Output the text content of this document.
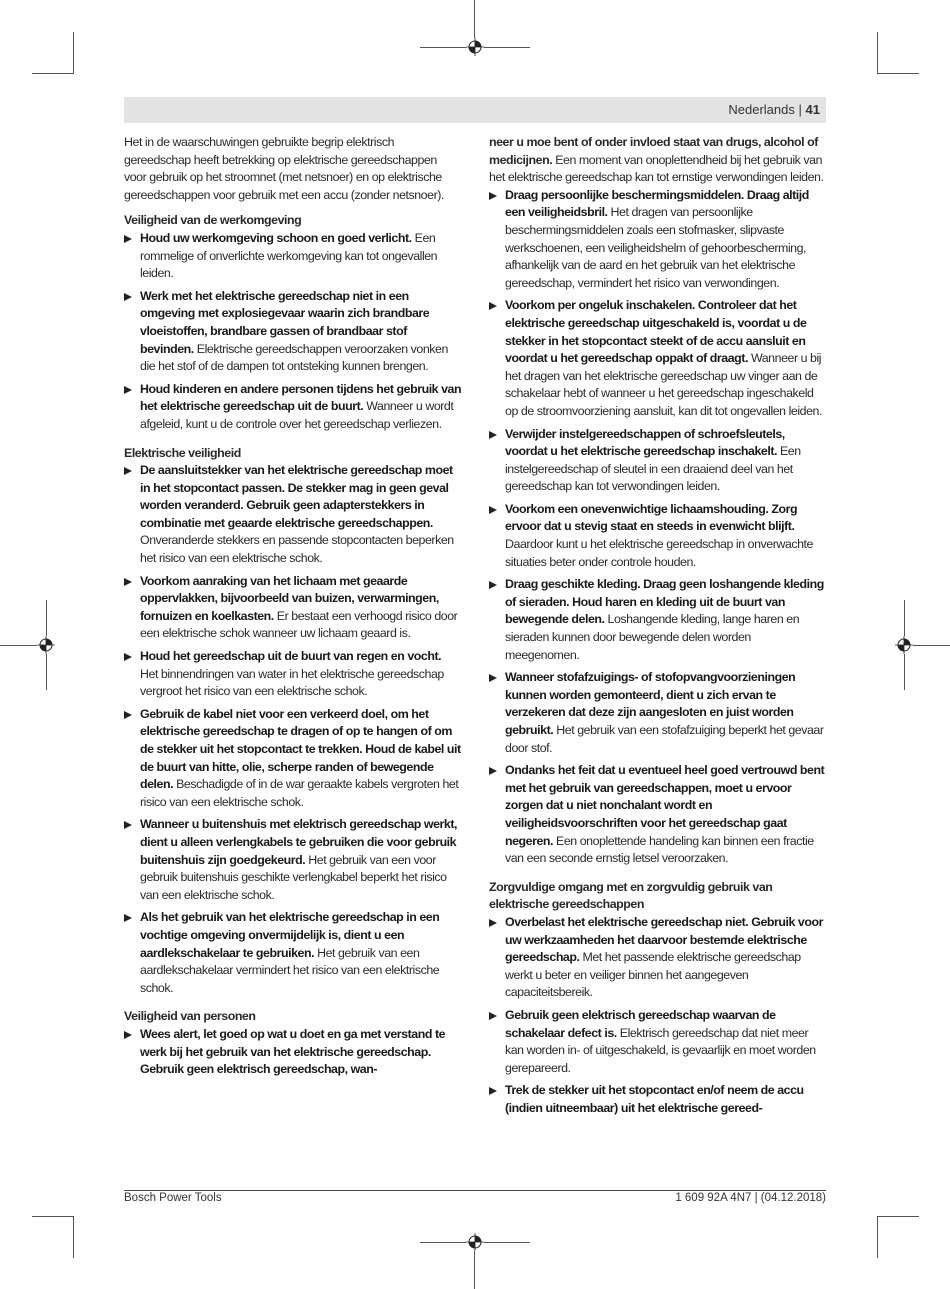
Nederlands | 41

Het in de waarschuwingen gebruikte begrip elektrisch gereedschap heeft betrekking op elektrische gereedschappen voor gebruik op het stroomnet (met netsnoer) en op elektrische gereedschappen voor gebruik met een accu (zonder netsnoer).

Veiligheid van de werkomgeving

Houd uw werkomgeving schoon en goed verlicht. Een rommelige of onverlichte werkomgeving kan tot ongevallen leiden.
Werk met het elektrische gereedschap niet in een omgeving met explosiegevaar waarin zich brandbare vloeistoffen, brandbare gassen of brandbaar stof bevinden. Elektrische gereedschappen veroorzaken vonken die het stof of de dampen tot ontsteking kunnen brengen.
Houd kinderen en andere personen tijdens het gebruik van het elektrische gereedschap uit de buurt. Wanneer u wordt afgeleid, kunt u de controle over het gereedschap verliezen.

Elektrische veiligheid

De aansluitstekker van het elektrische gereedschap moet in het stopcontact passen. De stekker mag in geen geval worden veranderd. Gebruik geen adapterstekkers in combinatie met geaarde elektrische gereedschappen. Onveranderde stekkers en passende stopcontacten beperken het risico van een elektrische schok.
Voorkom aanraking van het lichaam met geaarde oppervlakken, bijvoorbeeld van buizen, verwarmingen, fornuizen en koelkasten. Er bestaat een verhoogd risico door een elektrische schok wanneer uw lichaam geaard is.
Houd het gereedschap uit de buurt van regen en vocht. Het binnendringen van water in het elektrische gereedschap vergroot het risico van een elektrische schok.
Gebruik de kabel niet voor een verkeerd doel, om het elektrische gereedschap te dragen of op te hangen of om de stekker uit het stopcontact te trekken. Houd de kabel uit de buurt van hitte, olie, scherpe randen of bewegende delen. Beschadigde of in de war geraakte kabels vergroten het risico van een elektrische schok.
Wanneer u buitenshuis met elektrisch gereedschap werkt, dient u alleen verlengkabels te gebruiken die voor gebruik buitenshuis zijn goedgekeurd. Het gebruik van een voor gebruik buitenshuis geschikte verlengkabel beperkt het risico van een elektrische schok.
Als het gebruik van het elektrische gereedschap in een vochtige omgeving onvermijdelijk is, dient u een aardlekschakelaar te gebruiken. Het gebruik van een aardlekschakelaar vermindert het risico van een elektrische schok.

Veiligheid van personen

Wees alert, let goed op wat u doet en ga met verstand te werk bij het gebruik van het elektrische gereedschap. Gebruik geen elektrisch gereedschap, wan-

neer u moe bent of onder invloed staat van drugs, alcohol of medicijnen. Een moment van onoplettendheid bij het gebruik van het elektrische gereedschap kan tot ernstige verwondingen leiden.

Draag persoonlijke beschermingsmiddelen. Draag altijd een veiligheidsbril. Het dragen van persoonlijke beschermingsmiddelen zoals een stofmasker, slipvaste werkschoenen, een veiligheidshelm of gehoorbescherming, afhankelijk van de aard en het gebruik van het elektrische gereedschap, vermindert het risico van verwondingen.
Voorkom per ongeluk inschakelen. Controleer dat het elektrische gereedschap uitgeschakeld is, voordat u de stekker in het stopcontact steekt of de accu aansluit en voordat u het gereedschap oppakt of draagt. Wanneer u bij het dragen van het elektrische gereedschap uw vinger aan de schakelaar hebt of wanneer u het gereedschap ingeschakeld op de stroomvoorziening aansluit, kan dit tot ongevallen leiden.
Verwijder instelgereedschappen of schroefsleutels, voordat u het elektrische gereedschap inschakelt. Een instelgereedschap of sleutel in een draaiend deel van het gereedschap kan tot verwondingen leiden.
Voorkom een onevenwichtige lichaamshouding. Zorg ervoor dat u stevig staat en steeds in evenwicht blijft. Daardoor kunt u het elektrische gereedschap in onverwachte situaties beter onder controle houden.
Draag geschikte kleding. Draag geen loshangende kleding of sieraden. Houd haren en kleding uit de buurt van bewegende delen. Loshangende kleding, lange haren en sieraden kunnen door bewegende delen worden meegenomen.
Wanneer stofafzuigings- of stofopvangvoorzieningen kunnen worden gemonteerd, dient u zich ervan te verzekeren dat deze zijn aangesloten en juist worden gebruikt. Het gebruik van een stofafzuiging beperkt het gevaar door stof.
Ondanks het feit dat u eventueel heel goed vertrouwd bent met het gebruik van gereedschappen, moet u ervoor zorgen dat u niet nonchalant wordt en veiligheidsvoorschriften voor het gereedschap gaat negeren. Een onoplettende handeling kan binnen een fractie van een seconde ernstig letsel veroorzaken.

Zorgvuldige omgang met en zorgvuldig gebruik van elektrische gereedschappen

Overbelast het elektrische gereedschap niet. Gebruik voor uw werkzaamheden het daarvoor bestemde elektrische gereedschap. Met het passende elektrische gereedschap werkt u beter en veiliger binnen het aangegeven capaciteitsbereik.
Gebruik geen elektrisch gereedschap waarvan de schakelaar defect is. Elektrisch gereedschap dat niet meer kan worden in- of uitgeschakeld, is gevaarlijk en moet worden gerepareerd.
Trek de stekker uit het stopcontact en/of neem de accu (indien uitneembaar) uit het elektrische gereed-
Bosch Power Tools	1 609 92A 4N7 | (04.12.2018)
